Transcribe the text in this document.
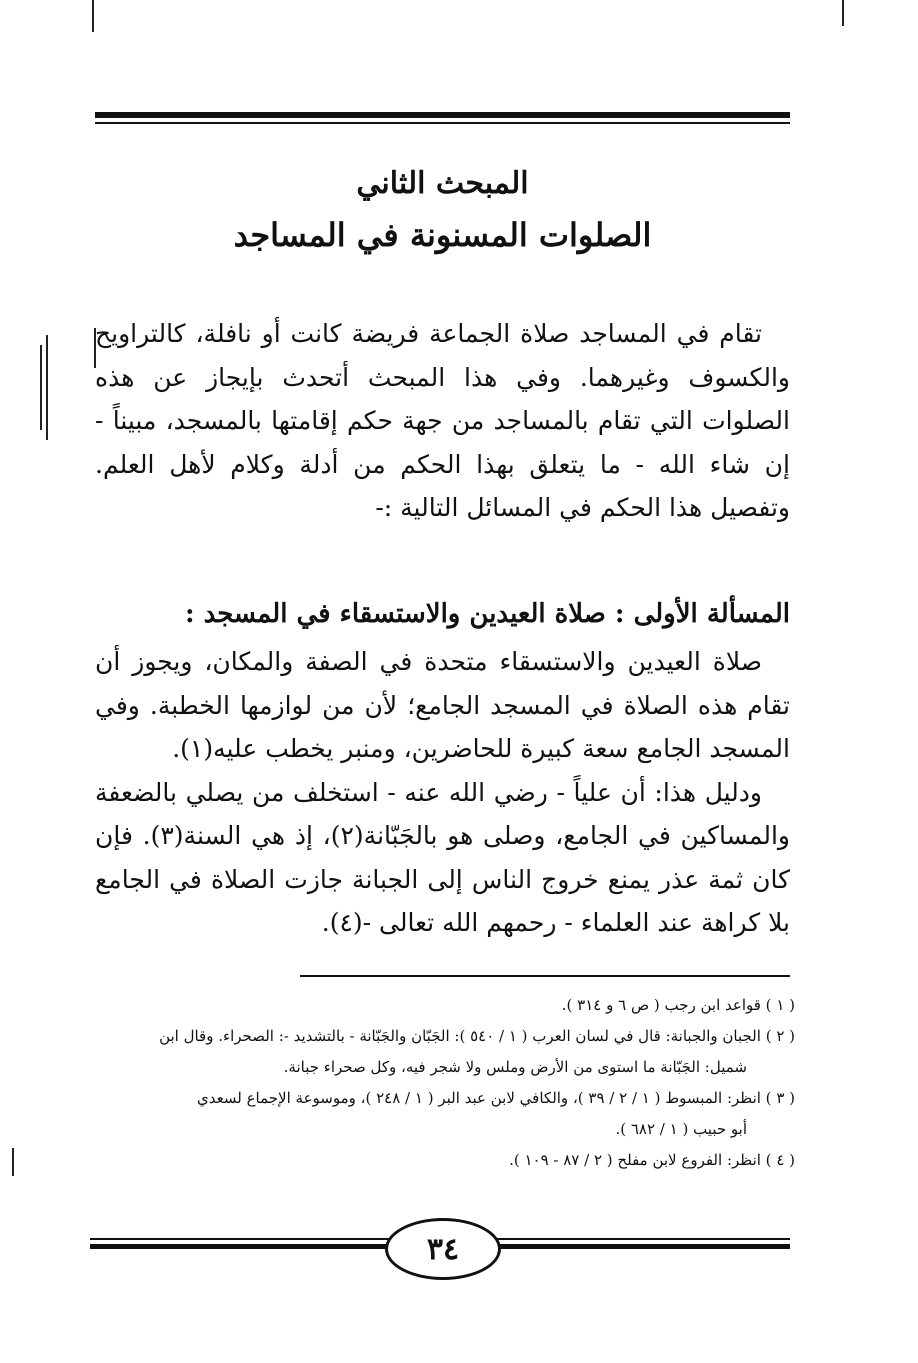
المبحث الثاني
الصلوات المسنونة في المساجد

تقام في المساجد صلاة الجماعة فريضة كانت أو نافلة، كالتراويح والكسوف وغيرهما. وفي هذا المبحث أتحدث بإيجاز عن هذه الصلوات التي تقام بالمساجد من جهة حكم إقامتها بالمسجد، مبيناً - إن شاء الله - ما يتعلق بهذا الحكم من أدلة وكلام لأهل العلم. وتفصيل هذا الحكم في المسائل التالية :-

المسألة الأولى : صلاة العيدين والاستسقاء في المسجد :

صلاة العيدين والاستسقاء متحدة في الصفة والمكان، ويجوز أن تقام هذه الصلاة في المسجد الجامع؛ لأن من لوازمها الخطبة. وفي المسجد الجامع سعة كبيرة للحاضرين، ومنبر يخطب عليه(١).

ودليل هذا: أن علياً - رضي الله عنه - استخلف من يصلي بالضعفة والمساكين في الجامع، وصلى هو بالجَبّانة(٢)، إذ هي السنة(٣). فإن كان ثمة عذر يمنع خروج الناس إلى الجبانة جازت الصلاة في الجامع بلا كراهة عند العلماء - رحمهم الله تعالى -(٤).

( ١ ) قواعد ابن رجب ( ص ٦ و ٣١٤ ).

( ٢ ) الجبان والجبانة: قال في لسان العرب ( ١ / ٥٤٠ ): الجَبّان والجَبّانة - بالتشديد -: الصحراء. وقال ابن

شميل: الجَبّانة ما استوى من الأرض وملس ولا شجر فيه، وكل صحراء جبانة.

( ٣ ) انظر: المبسوط ( ١ / ٢ / ٣٩ )، والكافي لابن عبد البر ( ١ / ٢٤٨ )، وموسوعة الإجماع لسعدي

أبو حبيب ( ١ / ٦٨٢ ).

( ٤ ) انظر: الفروع لابن مفلح ( ٢ / ٨٧ - ١٠٩ ).

٣٤
